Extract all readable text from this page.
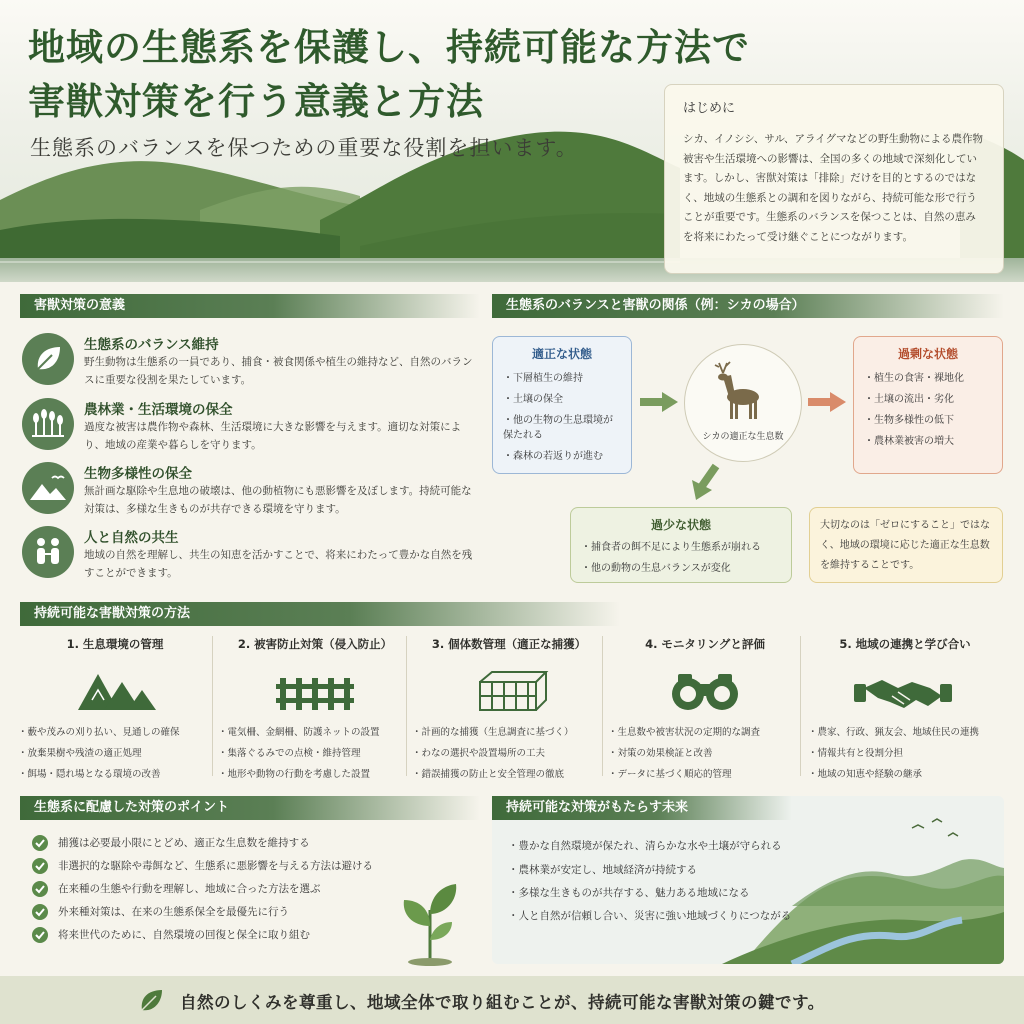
地域の生態系を保護し、持続可能な方法で
害獣対策を行う意義と方法
生態系のバランスを保つための重要な役割を担います。
はじめに
シカ、イノシシ、サル、アライグマなどの野生動物による農作物被害や生活環境への影響は、全国の多くの地域で深刻化しています。しかし、害獣対策は「排除」だけを目的とするのではなく、地域の生態系との調和を図りながら、持続可能な形で行うことが重要です。生態系のバランスを保つことは、自然の恵みを将来にわたって受け継ぐことにつながります。
害獣対策の意義
生態系のバランス維持
野生動物は生態系の一員であり、捕食・被食関係や植生の維持など、自然のバランスに重要な役割を果たしています。
農林業・生活環境の保全
過度な被害は農作物や森林、生活環境に大きな影響を与えます。適切な対策により、地域の産業や暮らしを守ります。
生物多様性の保全
無計画な駆除や生息地の破壊は、他の動植物にも悪影響を及ぼします。持続可能な対策は、多様な生きものが共存できる環境を守ります。
人と自然の共生
地域の自然を理解し、共生の知恵を活かすことで、将来にわたって豊かな自然を残すことができます。
生態系のバランスと害獣の関係（例：シカの場合）
適正な状態
・下層植生の維持
・土壌の保全
・他の生物の生息環境が保たれる
・森林の若返りが進む
シカの適正な生息数
過剰な状態
・植生の食害・裸地化
・土壌の流出・劣化
・生物多様性の低下
・農林業被害の増大
過少な状態
・捕食者の餌不足により生態系が崩れる
・他の動物の生息バランスが変化
大切なのは「ゼロにすること」ではなく、地域の環境に応じた適正な生息数を維持することです。
持続可能な害獣対策の方法
1. 生息環境の管理
・藪や茂みの刈り払い、見通しの確保
・放棄果樹や残渣の適正処理
・餌場・隠れ場となる環境の改善
2. 被害防止対策（侵入防止）
・電気柵、金網柵、防護ネットの設置
・集落ぐるみでの点検・維持管理
・地形や動物の行動を考慮した設置
3. 個体数管理（適正な捕獲）
・計画的な捕獲（生息調査に基づく）
・わなの選択や設置場所の工夫
・錯誤捕獲の防止と安全管理の徹底
4. モニタリングと評価
・生息数や被害状況の定期的な調査
・対策の効果検証と改善
・データに基づく順応的管理
5. 地域の連携と学び合い
・農家、行政、猟友会、地域住民の連携
・情報共有と役割分担
・地域の知恵や経験の継承
生態系に配慮した対策のポイント
捕獲は必要最小限にとどめ、適正な生息数を維持する
非選択的な駆除や毒餌など、生態系に悪影響を与える方法は避ける
在来種の生態や行動を理解し、地域に合った方法を選ぶ
外来種対策は、在来の生態系保全を最優先に行う
将来世代のために、自然環境の回復と保全に取り組む
・豊かな自然環境が保たれ、清らかな水や土壌が守られる
・農林業が安定し、地域経済が持続する
・多様な生きものが共存する、魅力ある地域になる
・人と自然が信頼し合い、災害に強い地域づくりにつながる
持続可能な対策がもたらす未来
自然のしくみを尊重し、地域全体で取り組むことが、持続可能な害獣対策の鍵です。
